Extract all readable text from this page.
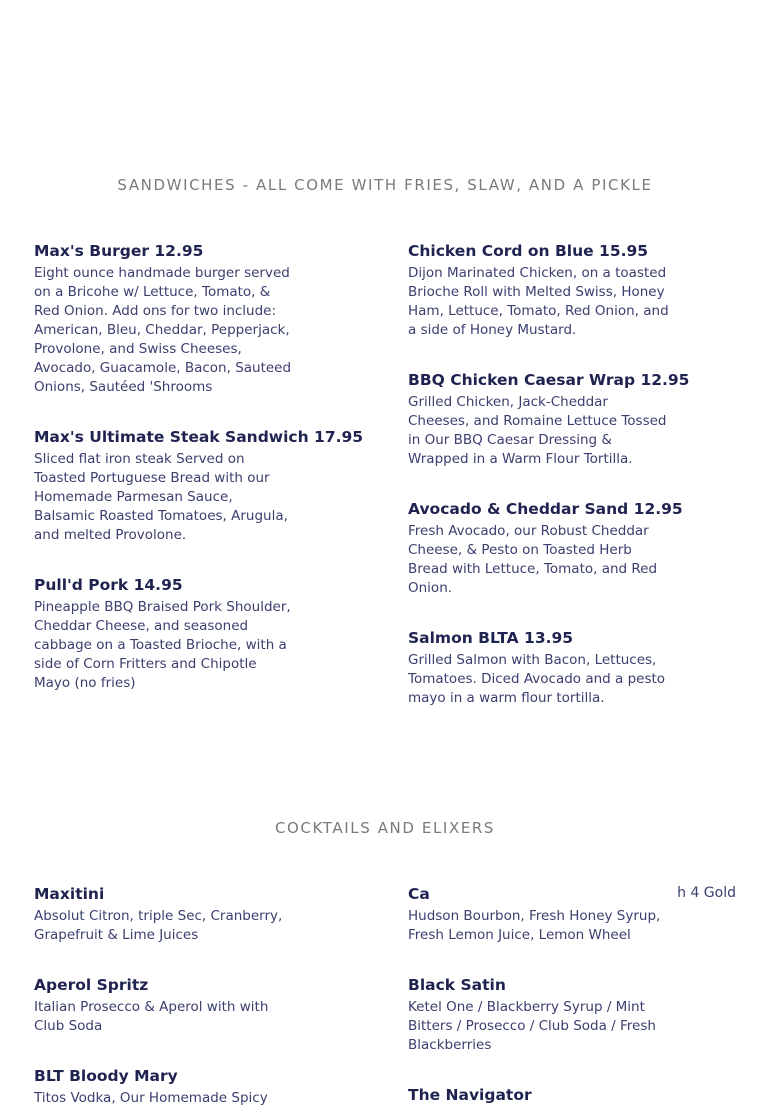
SANDWICHES - ALL COME WITH FRIES, SLAW, AND A PICKLE
Max's Burger 12.95
Eight ounce handmade burger served
on a Bricohe w/ Lettuce, Tomato, &
Red Onion. Add ons for two include:
American, Bleu, Cheddar, Pepperjack,
Provolone, and Swiss Cheeses,
Avocado, Guacamole, Bacon, Sauteed
Onions, Sautéed 'Shrooms
Max's Ultimate Steak Sandwich 17.95
Sliced flat iron steak Served on
Toasted Portuguese Bread with our
Homemade Parmesan Sauce,
Balsamic Roasted Tomatoes, Arugula,
and melted Provolone.
Pull'd Pork 14.95
Pineapple BBQ Braised Pork Shoulder,
Cheddar Cheese, and seasoned
cabbage on a Toasted Brioche, with a
side of Corn Fritters and Chipotle
Mayo (no fries)
Chicken Cord on Blue 15.95
Dijon Marinated Chicken, on a toasted
Brioche Roll with Melted Swiss, Honey
Ham, Lettuce, Tomato, Red Onion, and
a side of Honey Mustard.
BBQ Chicken Caesar Wrap 12.95
Grilled Chicken, Jack-Cheddar
Cheeses, and Romaine Lettuce Tossed
in Our BBQ Caesar Dressing &
Wrapped in a Warm Flour Tortilla.
Avocado & Cheddar Sand 12.95
Fresh Avocado, our Robust Cheddar
Cheese, & Pesto on Toasted Herb
Bread with Lettuce, Tomato, and Red
Onion.
Salmon BLTA 13.95
Grilled Salmon with Bacon, Lettuces,
Tomatoes. Diced Avocado and a pesto
mayo in a warm flour tortilla.
COCKTAILS AND ELIXERS
Maxitini
Absolut Citron, triple Sec, Cranberry,
Grapefruit & Lime Juices
Aperol Spritz
Italian Prosecco & Aperol with with
Club Soda
BLT Bloody Mary
Titos Vodka, Our Homemade Spicy
Ca
Hudson Bourbon, Fresh Honey Syrup,
Fresh Lemon Juice, Lemon Wheel
Black Satin
Ketel One / Blackberry Syrup / Mint
Bitters / Prosecco / Club Soda / Fresh
Blackberries
The Navigator
h 4 Gold
